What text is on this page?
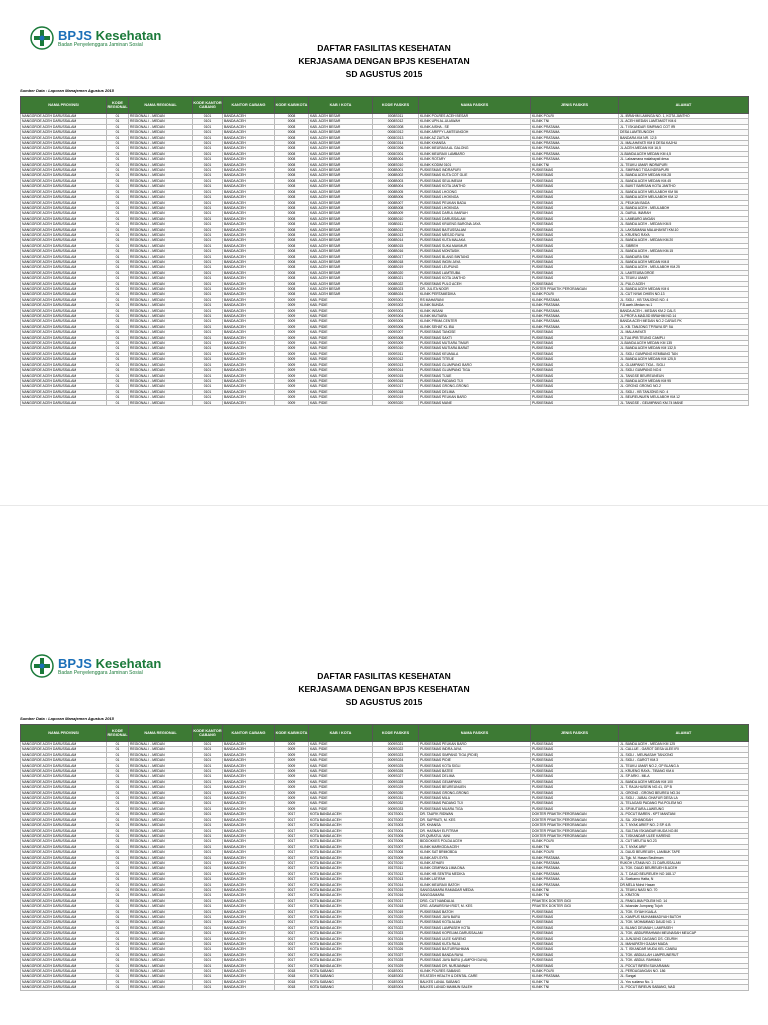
BPJS Kesehatan
Badan Penyelenggara Jaminan Sosial	DAFTAR FASILITAS KESEHATAN
KERJASAMA DENGAN BPJS KESEHATAN
SD AGUSTUS 2015
Sumber Data : Laporan Manajemen Agustus 2015
NAMA PROVINSI	KODE REGIONAL	NAMA REGIONAL	KODE KANTOR CABANG	KANTOR CABANG	KODE KAB/KOTA	KAB / KOTA	KODE FASKES	NAMA FASKES	JENIS FASKES	ALAMAT
NANGGROE ACEH DARUSSALAM	01	REGIONAL I - MEDAN	0101	BANDA ACEH	0008	KAB. ACEH BESAR	0008S011	KLINIK POLRES ACEH BESAR	KLINIK POLRI	JL. IBRAHIM LAMNGA NO. 1, KOTA JANTHO
NANGGROE ACEH DARUSSALAM	01	REGIONAL I - MEDAN	0101	BANDA ACEH	0008	KAB. ACEH BESAR	0008S012	KLINIK UPN AL-ULIAWAH	KLINIK TNI	JL. ACEH MEDAN LAMTAMOT KM.6
NANGGROE ACEH DARUSSALAM	01	REGIONAL I - MEDAN	0101	BANDA ACEH	0008	KAB. ACEH BESAR	0008G008	KLINIK AISHA - SE	KLINIK PRATAMA	JL. T ISKANDAR SIMPANG COT IRI
NANGGROE ACEH DARUSSALAM	01	REGIONAL I - MEDAN	0101	BANDA ACEH	0008	KAB. ACEH BESAR	0008G012	KLINIK ARIFFY LAMTEUNGOH	KLINIK PRATAMA	DESA LAMTEUNGOH
NANGGROE ACEH DARUSSALAM	01	REGIONAL I - MEDAN	0101	BANDA ACEH	0008	KAB. ACEH BESAR	0008G013	KLINIK AZ ZAITUN	KLINIK PRATAMA	BANDARA KM.NR. 12,5
NANGGROE ACEH DARUSSALAM	01	REGIONAL I - MEDAN	0101	BANDA ACEH	0008	KAB. ACEH BESAR	0008G014	KLINIK KHANSA	KLINIK PRATAMA	JL. MALAHAYATI KM 8 DESA KAJHU
NANGGROE ACEH DARUSSALAM	01	REGIONAL I - MEDAN	0101	BANDA ACEH	0008	KAB. ACEH BESAR	0008G006	KLINIK MEURAXA AL GALONG	KLINIK PRATAMA	JL.ACEH-MEDAN KM 16,5
NANGGROE ACEH DARUSSALAM	01	REGIONAL I - MEDAN	0101	BANDA ACEH	0008	KAB. ACEH BESAR	0008G001	KLINIK MEURAXI LAMBARO	KLINIK PRATAMA	JL.BANDA ACEH MEDAN KM 4,5
NANGGROE ACEH DARUSSALAM	01	REGIONAL I - MEDAN	0101	BANDA ACEH	0008	KAB. ACEH BESAR	0008B004	KLINIK ROTARY	KLINIK PRATAMA	JL. Laksamana malahayati desa
NANGGROE ACEH DARUSSALAM	01	REGIONAL I - MEDAN	0101	BANDA ACEH	0008	KAB. ACEH BESAR	0008S010	KLINIK KODIM 0101	KLINIK TNI	JL. TEUKU UMAR INDRAPURI
NANGGROE ACEH DARUSSALAM	01	REGIONAL I - MEDAN	0101	BANDA ACEH	0008	KAB. ACEH BESAR	0008B001	PUSKESMAS INDRAPURI	PUSKESMAS	JL. SIMPANG TIGA INDRAPURI
NANGGROE ACEH DARUSSALAM	01	REGIONAL I - MEDAN	0101	BANDA ACEH	0008	KAB. ACEH BESAR	0008B002	PUSKESMAS KUTA COT GLIE	PUSKESMAS	JL. BANDA ACEH MEDAN KM.28
NANGGROE ACEH DARUSSALAM	01	REGIONAL I - MEDAN	0101	BANDA ACEH	0008	KAB. ACEH BESAR	0008B003	PUSKESMAS SEULIMEUM	PUSKESMAS	JL. BANDA ACEH MEDAN KM.45
NANGGROE ACEH DARUSSALAM	01	REGIONAL I - MEDAN	0101	BANDA ACEH	0008	KAB. ACEH BESAR	0008B004	PUSKESMAS KOTA JANTHO	PUSKESMAS	JL. BUKIT BARISAN KOTA JANTHO
NANGGROE ACEH DARUSSALAM	01	REGIONAL I - MEDAN	0101	BANDA ACEH	0008	KAB. ACEH BESAR	0008B005	PUSKESMAS LHOONG	PUSKESMAS	JL. BANDA ACEH MEULABOH KM 56
NANGGROE ACEH DARUSSALAM	01	REGIONAL I - MEDAN	0101	BANDA ACEH	0008	KAB. ACEH BESAR	0008B006	PUSKESMAS LHOKNGA	PUSKESMAS	JL. BANDA ACEH MEULABOH KM.12
NANGGROE ACEH DARUSSALAM	01	REGIONAL I - MEDAN	0101	BANDA ACEH	0008	KAB. ACEH BESAR	0008B007	PUSKESMAS PEUKAN BADA	PUSKESMAS	JL. PEUKAN BADA
NANGGROE ACEH DARUSSALAM	01	REGIONAL I - MEDAN	0101	BANDA ACEH	0008	KAB. ACEH BESAR	0008B008	PUSKESMAS LHOKNGA	PUSKESMAS	JL. BANDA ACEH - MEULABOH
NANGGROE ACEH DARUSSALAM	01	REGIONAL I - MEDAN	0101	BANDA ACEH	0008	KAB. ACEH BESAR	0008B009	PUSKESMAS DARUL IMARAH	PUSKESMAS	JL. DARUL IMARAH
NANGGROE ACEH DARUSSALAM	01	REGIONAL I - MEDAN	0101	BANDA ACEH	0008	KAB. ACEH BESAR	0008B010	PUSKESMAS DARUSSALAM	PUSKESMAS	JL. LAMBARO ANGAN
NANGGROE ACEH DARUSSALAM	01	REGIONAL I - MEDAN	0101	BANDA ACEH	0008	KAB. ACEH BESAR	0008B011	PUSKESMAS KRUENG BARONA JAYA	PUSKESMAS	JL. BANDA ACEH - MEDAN KM.5
NANGGROE ACEH DARUSSALAM	01	REGIONAL I - MEDAN	0101	BANDA ACEH	0008	KAB. ACEH BESAR	0008B012	PUSKESMAS BAITUSSALAM	PUSKESMAS	JL. LAKSAMANA MALAHAYATI KM.10
NANGGROE ACEH DARUSSALAM	01	REGIONAL I - MEDAN	0101	BANDA ACEH	0008	KAB. ACEH BESAR	0008B013	PUSKESMAS MESJID RAYA	PUSKESMAS	JL. KRUENG RAYA
NANGGROE ACEH DARUSSALAM	01	REGIONAL I - MEDAN	0101	BANDA ACEH	0008	KAB. ACEH BESAR	0008B014	PUSKESMAS KUTA MALAKA	PUSKESMAS	JL. BANDA ACEH - MEDAN KM.20
NANGGROE ACEH DARUSSALAM	01	REGIONAL I - MEDAN	0101	BANDA ACEH	0008	KAB. ACEH BESAR	0008B015	PUSKESMAS SUKA MAKMUR	PUSKESMAS	JL. SIBREH
NANGGROE ACEH DARUSSALAM	01	REGIONAL I - MEDAN	0101	BANDA ACEH	0008	KAB. ACEH BESAR	0008B016	PUSKESMAS MONTASIK	PUSKESMAS	JL. BANDA ACEH - MEDAN KM.15
NANGGROE ACEH DARUSSALAM	01	REGIONAL I - MEDAN	0101	BANDA ACEH	0008	KAB. ACEH BESAR	0008B017	PUSKESMAS BLANG BINTANG	PUSKESMAS	JL. BANDARA SIM
NANGGROE ACEH DARUSSALAM	01	REGIONAL I - MEDAN	0101	BANDA ACEH	0008	KAB. ACEH BESAR	0008B018	PUSKESMAS INGIN JAYA	PUSKESMAS	JL. BANDA ACEH MEDAN KM.8
NANGGROE ACEH DARUSSALAM	01	REGIONAL I - MEDAN	0101	BANDA ACEH	0008	KAB. ACEH BESAR	0008B019	PUSKESMAS LEUPUNG	PUSKESMAS	JL. BANDA ACEH - MEULABOH KM.25
NANGGROE ACEH DARUSSALAM	01	REGIONAL I - MEDAN	0101	BANDA ACEH	0008	KAB. ACEH BESAR	0008B020	PUSKESMAS LAMTEUBA	PUSKESMAS	JL. LAMTEUBA DROE
NANGGROE ACEH DARUSSALAM	01	REGIONAL I - MEDAN	0101	BANDA ACEH	0008	KAB. ACEH BESAR	0008B021	PUSKESMAS KOTA JANTHO	PUSKESMAS	JL. TEUKU UMAR
NANGGROE ACEH DARUSSALAM	01	REGIONAL I - MEDAN	0101	BANDA ACEH	0008	KAB. ACEH BESAR	0008B022	PUSKESMAS PULO ACEH	PUSKESMAS	JL. PULO ACEH
NANGGROE ACEH DARUSSALAM	01	REGIONAL I - MEDAN	0101	BANDA ACEH	0008	KAB. ACEH BESAR	0008B023	DR. JULITA NOOR	DOKTER PRAKTIK PERORANGAN	JL. BANDA ACEH MEDAN KM 6
NANGGROE ACEH DARUSSALAM	01	REGIONAL I - MEDAN	0101	BANDA ACEH	0008	KAB. ACEH BESAR	0008B024	KLINIK PERTAMEDIKA	KLINIK POLRI	JL. CUT NYAK DHIEN NO.13
NANGGROE ACEH DARUSSALAM	01	REGIONAL I - MEDAN	0101	BANDA ACEH	0009	KAB. PIDIE	0009S001	RS MAHARANI	KLINIK PRATAMA	JL. SIGLI - KB TANJONG NO. 4
NANGGROE ACEH DARUSSALAM	01	REGIONAL I - MEDAN	0101	BANDA ACEH	0009	KAB. PIDIE	0009S002	KLINIK BUNDA	KLINIK PRATAMA	F.B.aceh-Medan no.1
NANGGROE ACEH DARUSSALAM	01	REGIONAL I - MEDAN	0101	BANDA ACEH	0009	KAB. PIDIE	0009S003	KLINIK INSANI	KLINIK PRATAMA	BANDA ACEH - MEDAN KM.2 CALS
NANGGROE ACEH DARUSSALAM	01	REGIONAL I - MEDAN	0101	BANDA ACEH	0009	KAB. PIDIE	0009S004	KLINIK MUTIARA	KLINIK PRATAMA	JL.PROF.A.MADJID IBRAHIM NO.14
NANGGROE ACEH DARUSSALAM	01	REGIONAL I - MEDAN	0101	BANDA ACEH	0009	KAB. PIDIE	0009S005	KLINIK PRIMA CENTER	KLINIK PRATAMA	BANDA ACEH MEDAN NO.2 CARAS PK
NANGGROE ACEH DARUSSALAM	01	REGIONAL I - MEDAN	0101	BANDA ACEH	0009	KAB. PIDIE	0009S006	KLINIK SEHAT KL IBU	KLINIK PRATAMA	JL. KB. TANJONG TP.RAYA SP. 5A
NANGGROE ACEH DARUSSALAM	01	REGIONAL I - MEDAN	0101	BANDA ACEH	0009	KAB. PIDIE	0009S007	PUSKESMAS TANGSE	PUSKESMAS	JL. MALAHAYATI
NANGGROE ACEH DARUSSALAM	01	REGIONAL I - MEDAN	0101	BANDA ACEH	0009	KAB. PIDIE	0009S008	PUSKESMAS SAKTI	PUSKESMAS	JL.TUA IPIB TEUNG CAMPLI
NANGGROE ACEH DARUSSALAM	01	REGIONAL I - MEDAN	0101	BANDA ACEH	0009	KAB. PIDIE	0009S009	PUSKESMAS MUTIARA TIMUR	PUSKESMAS	JL.BANDA ACEH MEDAN KM 135
NANGGROE ACEH DARUSSALAM	01	REGIONAL I - MEDAN	0101	BANDA ACEH	0009	KAB. PIDIE	0009S010	PUSKESMAS MUTIARA BARAT	PUSKESMAS	JL. BANDA ACEH MEDAN KM 132,5
NANGGROE ACEH DARUSSALAM	01	REGIONAL I - MEDAN	0101	BANDA ACEH	0009	KAB. PIDIE	0009S011	PUSKESMAS KEUMALA	PUSKESMAS	JL. SIGLI GUMPANG KEMBANG TAN
NANGGROE ACEH DARUSSALAM	01	REGIONAL I - MEDAN	0101	BANDA ACEH	0009	KAB. PIDIE	0009S012	PUSKESMAS TITEUE	PUSKESMAS	JL. BANDA ACEH MEDAN KM 125,5
NANGGROE ACEH DARUSSALAM	01	REGIONAL I - MEDAN	0101	BANDA ACEH	0009	KAB. PIDIE	0009S013	PUSKESMAS GLUMPANG BARO	PUSKESMAS	JL. GLUMPANG TIGA - SIGLI
NANGGROE ACEH DARUSSALAM	01	REGIONAL I - MEDAN	0101	BANDA ACEH	0009	KAB. PIDIE	0009S014	PUSKESMAS GLUMPANG TIGA	PUSKESMAS	JL. SIGLI GUMPANG NO.6
NANGGROE ACEH DARUSSALAM	01	REGIONAL I - MEDAN	0101	BANDA ACEH	0009	KAB. PIDIE	0009S015	PUSKESMAS TIJUE	PUSKESMAS	JL. TANGSE BEUREUNEUN
NANGGROE ACEH DARUSSALAM	01	REGIONAL I - MEDAN	0101	BANDA ACEH	0009	KAB. PIDIE	0009S016	PUSKESMAS PADANG TIJI	PUSKESMAS	JL. BANDA ACEH MEDAN KM 95
NANGGROE ACEH DARUSSALAM	01	REGIONAL I - MEDAN	0101	BANDA ACEH	0009	KAB. PIDIE	0009S017	PUSKESMAS GRONG-GRONG	PUSKESMAS	JL. GRONG GRONG NO.2
NANGGROE ACEH DARUSSALAM	01	REGIONAL I - MEDAN	0101	BANDA ACEH	0009	KAB. PIDIE	0009S018	PUSKESMAS DELIMA	PUSKESMAS	JL. SIGLI - KB TANJONG NO. 4
NANGGROE ACEH DARUSSALAM	01	REGIONAL I - MEDAN	0101	BANDA ACEH	0009	KAB. PIDIE	0009S019	PUSKESMAS PEUKAN BARO	PUSKESMAS	JL. BEUREUNUEN MEULABOH KM.12
NANGGROE ACEH DARUSSALAM	01	REGIONAL I - MEDAN	0101	BANDA ACEH	0009	KAB. PIDIE	0009S020	PUSKESMAS MANE	PUSKESMAS	JL. TANGSE - GEUMPANG KM.74 MANE
BPJS Kesehatan
Badan Penyelenggara Jaminan Sosial	DAFTAR FASILITAS KESEHATAN
KERJASAMA DENGAN BPJS KESEHATAN
SD AGUSTUS 2015
Sumber Data : Laporan Manajemen Agustus 2015
NAMA PROVINSI	KODE REGIONAL	NAMA REGIONAL	KODE KANTOR CABANG	KANTOR CABANG	KODE KAB/KOTA	KAB / KOTA	KODE FASKES	NAMA FASKES	JENIS FASKES	ALAMAT
NANGGROE ACEH DARUSSALAM	01	REGIONAL I - MEDAN	0101	BANDA ACEH	0009	KAB. PIDIE	0009S021	PUSKESMAS PEUKAN BARO	PUSKESMAS	JL. BANDA ACEH - MEDAN KM 125
NANGGROE ACEH DARUSSALAM	01	REGIONAL I - MEDAN	0101	BANDA ACEH	0009	KAB. PIDIE	0009S022	PUSKESMAS INDRA JAYA	PUSKESMAS	JL. CALLUE - GAROT DESA ULEE IRI
NANGGROE ACEH DARUSSALAM	01	REGIONAL I - MEDAN	0101	BANDA ACEH	0009	KAB. PIDIE	0009S023	PUSKESMAS SIMPANG TIGA (PIDIE)	PUSKESMAS	JL. SIGLI - MEUNASAH TANJONG
NANGGROE ACEH DARUSSALAM	01	REGIONAL I - MEDAN	0101	BANDA ACEH	0009	KAB. PIDIE	0009S024	PUSKESMAS PIDIE	PUSKESMAS	JL. SIGLI - GAROT KM.3
NANGGROE ACEH DARUSSALAM	01	REGIONAL I - MEDAN	0101	BANDA ACEH	0009	KAB. PIDIE	0009S025	PUSKESMAS KOTA SIGLI	PUSKESMAS	JL. TEUKU UMAR NO.2, GP BLANG A
NANGGROE ACEH DARUSSALAM	01	REGIONAL I - MEDAN	0101	BANDA ACEH	0009	KAB. PIDIE	0009S026	PUSKESMAS BATEE	PUSKESMAS	JL. KRUENG RAYA - TIBANG KM.6
NANGGROE ACEH DARUSSALAM	01	REGIONAL I - MEDAN	0101	BANDA ACEH	0009	KAB. PIDIE	0009S027	PUSKESMAS DELIMA	PUSKESMAS	JL. SP ARKI - MILA
NANGGROE ACEH DARUSSALAM	01	REGIONAL I - MEDAN	0101	BANDA ACEH	0009	KAB. PIDIE	0009S028	PUSKESMAS GEUMPANG	PUSKESMAS	JL. BANDA ACEH MEDAN KM 100
NANGGROE ACEH DARUSSALAM	01	REGIONAL I - MEDAN	0101	BANDA ACEH	0009	KAB. PIDIE	0009S029	PUSKESMAS BEUREUNUEN	PUSKESMAS	JL. T. RAJA HUSEIN NO.41, GP B
NANGGROE ACEH DARUSSALAM	01	REGIONAL I - MEDAN	0101	BANDA ACEH	0009	KAB. PIDIE	0009S030	PUSKESMAS GRONG-GRONG	PUSKESMAS	JL. GRONG - GRONG BEUREU NO.34
NANGGROE ACEH DARUSSALAM	01	REGIONAL I - MEDAN	0101	BANDA ACEH	0009	KAB. PIDIE	0009S031	PUSKESMAS MILA	PUSKESMAS	JL. SIGLI - JABAL GHAFUR DESA LA
NANGGROE ACEH DARUSSALAM	01	REGIONAL I - MEDAN	0101	BANDA ACEH	0009	KAB. PIDIE	0009S032	PUSKESMAS PADANG TIJI	PUSKESMAS	JL. TELAGASI PADANG PIA POLEM NO
NANGGROE ACEH DARUSSALAM	01	REGIONAL I - MEDAN	0101	BANDA ACEH	0009	KAB. PIDIE	0009S033	PUSKESMAS MUARA TIGA	PUSKESMAS	JL. SP.MUTIARA-LAWEUNG
NANGGROE ACEH DARUSSALAM	01	REGIONAL I - MEDAN	0101	BANDA ACEH	0017	KOTA BANDA ACEH	0017S001	DR. TAUFIK RIDWAN	DOKTER PRAKTIK PERORANGAN	JL. POCUT BAREN - KPT MANTANI
NANGGROE ACEH DARUSSALAM	01	REGIONAL I - MEDAN	0101	BANDA ACEH	0017	KOTA BANDA ACEH	0017S002	DR. SAPRIATI, M. KES	DOKTER PRAKTIK PERORANGAN	JL. SA. JOHANDSAH
NANGGROE ACEH DARUSSALAM	01	REGIONAL I - MEDAN	0101	BANDA ACEH	0017	KOTA BANDA ACEH	0017S003	DR. KHANSA	DOKTER PRAKTIK PERORANGAN	JL. T. NYAK ARIEF NO. 2 SP. 6.B
NANGGROE ACEH DARUSSALAM	01	REGIONAL I - MEDAN	0101	BANDA ACEH	0017	KOTA BANDA ACEH	0017S004	DR. HASNAH ELFITRAH	DOKTER PRAKTIK PERORANGAN	JL. SULTAN ISKANDAR MUDA NO.80
NANGGROE ACEH DARUSSALAM	01	REGIONAL I - MEDAN	0101	BANDA ACEH	0017	KOTA BANDA ACEH	0017S005	DR.QURATUL 'AINI	DOKTER PRAKTIK PERORANGAN	JL. T.ISKANDAR ULEE KARENG
NANGGROE ACEH DARUSSALAM	01	REGIONAL I - MEDAN	0101	BANDA ACEH	0017	KOTA BANDA ACEH	0017S006	BIDDOKKES POLDA ACEH	KLINIK POLRI	JL. CUT MEUTIA NO.23
NANGGROE ACEH DARUSSALAM	01	REGIONAL I - MEDAN	0101	BANDA ACEH	0017	KOTA BANDA ACEH	0017S007	KLINIK MARKODA ACEH	KLINIK TNI	JL. T. NYAK ARIF
NANGGROE ACEH DARUSSALAM	01	REGIONAL I - MEDAN	0101	BANDA ACEH	0017	KOTA BANDA ACEH	0017S008	KLINIK SAT BRIMOBDA	KLINIK POLRI	JL. DAUD BEUREUEH, LAMBUK TAPE
NANGGROE ACEH DARUSSALAM	01	REGIONAL I - MEDAN	0101	BANDA ACEH	0017	KOTA BANDA ACEH	0017S009	KLINIK ASY-SYFA	KLINIK PRATAMA	JL. Tgk. M. Hasan Seulimum
NANGGROE ACEH DARUSSALAM	01	REGIONAL I - MEDAN	0101	BANDA ACEH	0017	KOTA BANDA ACEH	0017S010	KLINIK ATHARI	KLINIK PRATAMA	RUKOH UTAMA NO. 21 DARUSSALAM
NANGGROE ACEH DARUSSALAM	01	REGIONAL I - MEDAN	0101	BANDA ACEH	0017	KOTA BANDA ACEH	0017S011	KLINIK CEMPAKA LIMA DNA	KLINIK PRATAMA	JL. TGK. DAUD BEUREUEH B.ACEH
NANGGROE ACEH DARUSSALAM	01	REGIONAL I - MEDAN	0101	BANDA ACEH	0017	KOTA BANDA ACEH	0017S012	KLINIK HB SENTRA MEDIKA	KLINIK PRATAMA	JL. T. DAUD BEUREUEH NO 168-17
NANGGROE ACEH DARUSSALAM	01	REGIONAL I - MEDAN	0101	BANDA ACEH	0017	KOTA BANDA ACEH	0017S013	KLINIK LATIFAH	KLINIK PRATAMA	JL. Soekarno Hatta, N
NANGGROE ACEH DARUSSALAM	01	REGIONAL I - MEDAN	0101	BANDA ACEH	0017	KOTA BANDA ACEH	0017S014	KLINIK MEURAXI BATOH	KLINIK PRATAMA	DR.MELA Mohd Hasan
NANGGROE ACEH DARUSSALAM	01	REGIONAL I - MEDAN	0101	BANDA ACEH	0017	KOTA BANDA ACEH	0017S015	SANGGAMARA RAMADAR MEDIA	KLINIK TNI	JL. TEUKU NASI NO. 70
NANGGROE ACEH DARUSSALAM	01	REGIONAL I - MEDAN	0101	BANDA ACEH	0017	KOTA BANDA ACEH	0017S016	SANGGAMARA	KLINIK TNI	JL. KRATON
NANGGROE ACEH DARUSSALAM	01	REGIONAL I - MEDAN	0101	BANDA ACEH	0017	KOTA BANDA ACEH	0017S017	DRG. CUT NANDALIA	PRAKTEK DOKTER GIGI	JL. PANGLIMA POLEM NO. 14
NANGGROE ACEH DARUSSALAM	01	REGIONAL I - MEDAN	0101	BANDA ACEH	0017	KOTA BANDA ACEH	0017S018	DRG. ASWARSYAH RIDT, M. KES	PRAKTEK DOKTER GIGI	JL. Iskandar Jumpang Tujuh
NANGGROE ACEH DARUSSALAM	01	REGIONAL I - MEDAN	0101	BANDA ACEH	0017	KOTA BANDA ACEH	0017S019	PUSKESMAS BATOH	PUSKESMAS	JL. TGK. SYIAH KUALA
NANGGROE ACEH DARUSSALAM	01	REGIONAL I - MEDAN	0101	BANDA ACEH	0017	KOTA BANDA ACEH	0017S020	PUSKESMAS JAYA BARU	PUSKESMAS	JL. KAMPUS MUHAMMADIYAH BATOH
NANGGROE ACEH DARUSSALAM	01	REGIONAL I - MEDAN	0101	BANDA ACEH	0017	KOTA BANDA ACEH	0017S021	PUSKESMAS KOTA ALAM	PUSKESMAS	JL. TGK. MOHAMMAD DAUD NO. 1
NANGGROE ACEH DARUSSALAM	01	REGIONAL I - MEDAN	0101	BANDA ACEH	0017	KOTA BANDA ACEH	0017S022	PUSKESMAS LAMPASEH KOTA	PUSKESMAS	JL. BLANG DEUMAH, LAMPASEH
NANGGROE ACEH DARUSSALAM	01	REGIONAL I - MEDAN	0101	BANDA ACEH	0017	KOTA BANDA ACEH	0017S023	PUSKESMAS KOPELMA DARUSSALAM	PUSKESMAS	JL. TGK. ABDURRAHMAN MEUNASAH MEUCAP
NANGGROE ACEH DARUSSALAM	01	REGIONAL I - MEDAN	0101	BANDA ACEH	0017	KOTA BANDA ACEH	0017S024	PUSKESMAS ULEE KARENG	PUSKESMAS	JL. JUNJUNG DAGANG DS. CEURIH
NANGGROE ACEH DARUSSALAM	01	REGIONAL I - MEDAN	0101	BANDA ACEH	0017	KOTA BANDA ACEH	0017S025	PUSKESMAS KUTA RAJA	PUSKESMAS	JL. MAHAPATIH GAJAH MADA
NANGGROE ACEH DARUSSALAM	01	REGIONAL I - MEDAN	0101	BANDA ACEH	0017	KOTA BANDA ACEH	0017S026	PUSKESMAS BAITURRAHMAN	PUSKESMAS	JL. T. ISKANDAR MUDA KEL CANBU
NANGGROE ACEH DARUSSALAM	01	REGIONAL I - MEDAN	0101	BANDA ACEH	0017	KOTA BANDA ACEH	0017S027	PUSKESMAS BANDA RAYA	PUSKESMAS	JL. TGK. ABDULLAH LAMPEUNERUT
NANGGROE ACEH DARUSSALAM	01	REGIONAL I - MEDAN	0101	BANDA ACEH	0017	KOTA BANDA ACEH	0017S028	PUSKESMAS JAYA BARU (LAMPOH DAYA)	PUSKESMAS	JL. TGK. ABDUL RAHMAN
NANGGROE ACEH DARUSSALAM	01	REGIONAL I - MEDAN	0101	BANDA ACEH	0017	KOTA BANDA ACEH	0017S029	PUSKESMAS DR. NURJANNAH	PUSKESMAS	JL. POCUT BIREN SUKARAMAI
NANGGROE ACEH DARUSSALAM	01	REGIONAL I - MEDAN	0101	BANDA ACEH	0018	KOTA SABANG	0018S001	KLINIK POLRES SABANG	KLINIK POLRI	JL. PERDAGANGAN NO. 186
NANGGROE ACEH DARUSSALAM	01	REGIONAL I - MEDAN	0101	BANDA ACEH	0018	KOTA SABANG	0018S002	RS ATJEH HEALTH & DENTAL CARE	KLINIK PRATAMA	JL. Sungai
NANGGROE ACEH DARUSSALAM	01	REGIONAL I - MEDAN	0101	BANDA ACEH	0018	KOTA SABANG	0018S003	BALKES LANAL SABANG	KLINIK TNI	JL. Yos sudarso No. 1
NANGGROE ACEH DARUSSALAM	01	REGIONAL I - MEDAN	0101	BANDA ACEH	0018	KOTA SABANG	0018S004	BALKES LANUD MAIMUN SALEH	KLINIK TNI	JL. POCUT BIREUN SABANG, NAD
